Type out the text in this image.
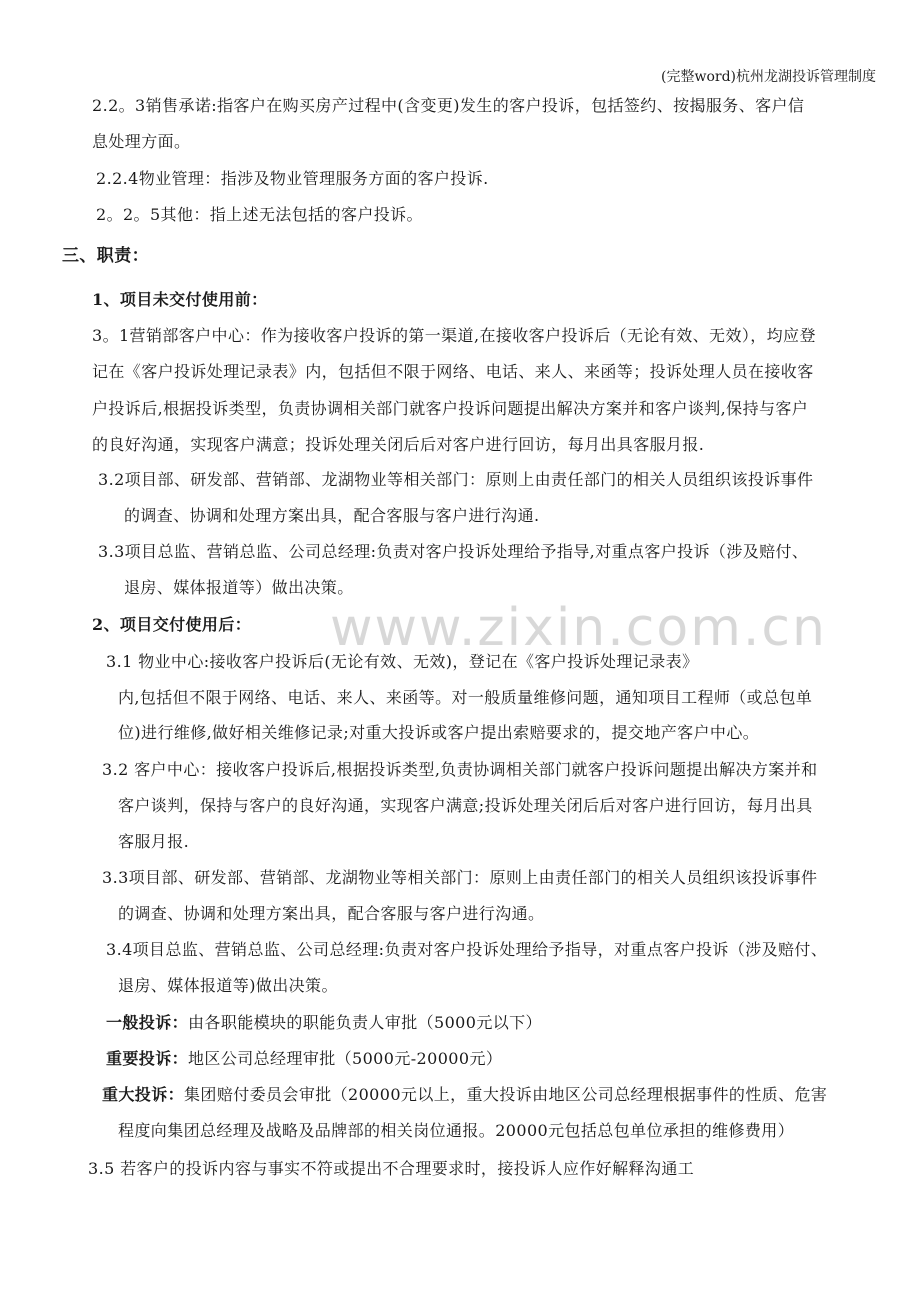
(完整word)杭州龙湖投诉管理制度
www.zixin.com.cn
2.2。3销售承诺:指客户在购买房产过程中(含变更)发生的客户投诉，包括签约、按揭服务、客户信
息处理方面。
2.2.4物业管理：指涉及物业管理服务方面的客户投诉.
2。2。5其他：指上述无法包括的客户投诉。
三、职责：
1、项目未交付使用前：
3。1营销部客户中心：作为接收客户投诉的第一渠道,在接收客户投诉后（无论有效、无效），均应登
记在《客户投诉处理记录表》内，包括但不限于网络、电话、来人、来函等；投诉处理人员在接收客
户投诉后,根据投诉类型，负责协调相关部门就客户投诉问题提出解决方案并和客户谈判,保持与客户
的良好沟通，实现客户满意；投诉处理关闭后后对客户进行回访，每月出具客服月报.
3.2项目部、研发部、营销部、龙湖物业等相关部门：原则上由责任部门的相关人员组织该投诉事件
的调查、协调和处理方案出具，配合客服与客户进行沟通.
3.3项目总监、营销总监、公司总经理:负责对客户投诉处理给予指导,对重点客户投诉（涉及赔付、
退房、媒体报道等）做出决策。
2、项目交付使用后：
3.1 物业中心:接收客户投诉后(无论有效、无效)，登记在《客户投诉处理记录表》
内,包括但不限于网络、电话、来人、来函等。对一般质量维修问题，通知项目工程师（或总包单
位)进行维修,做好相关维修记录;对重大投诉或客户提出索赔要求的，提交地产客户中心。
3.2 客户中心：接收客户投诉后,根据投诉类型,负责协调相关部门就客户投诉问题提出解决方案并和
客户谈判，保持与客户的良好沟通，实现客户满意;投诉处理关闭后后对客户进行回访，每月出具
客服月报.
3.3项目部、研发部、营销部、龙湖物业等相关部门：原则上由责任部门的相关人员组织该投诉事件
的调查、协调和处理方案出具，配合客服与客户进行沟通。
3.4项目总监、营销总监、公司总经理:负责对客户投诉处理给予指导，对重点客户投诉（涉及赔付、
退房、媒体报道等)做出决策。
一般投诉：由各职能模块的职能负责人审批（5000元以下）
重要投诉：地区公司总经理审批（5000元-20000元）
重大投诉：集团赔付委员会审批（20000元以上，重大投诉由地区公司总经理根据事件的性质、危害
程度向集团总经理及战略及品牌部的相关岗位通报。20000元包括总包单位承担的维修费用）
3.5 若客户的投诉内容与事实不符或提出不合理要求时，接投诉人应作好解释沟通工
